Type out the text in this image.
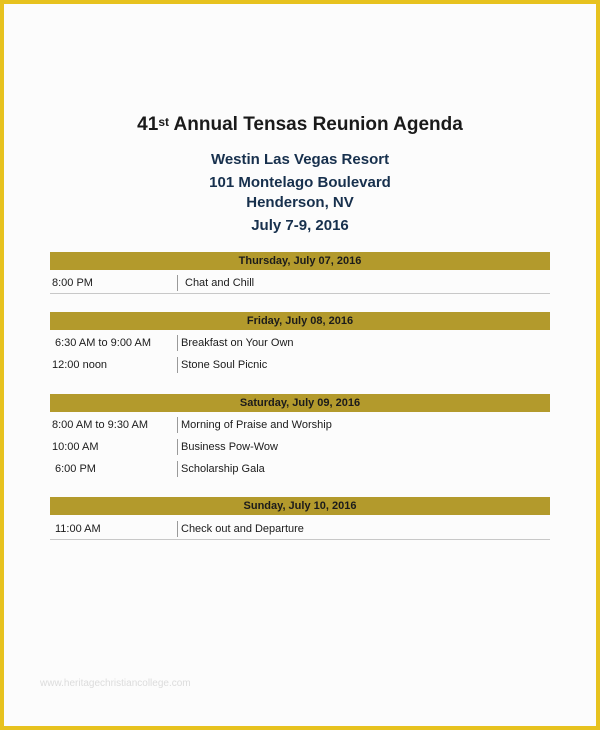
41st Annual Tensas Reunion Agenda
Westin Las Vegas Resort
101 Montelago Boulevard
Henderson, NV
July 7-9, 2016
Thursday, July 07, 2016
8:00 PM	Chat and Chill
Friday, July 08, 2016
6:30 AM to 9:00 AM	Breakfast on Your Own
12:00 noon	Stone Soul Picnic
Saturday, July 09, 2016
8:00 AM to 9:30 AM	Morning of Praise and Worship
10:00 AM	Business Pow-Wow
6:00 PM	Scholarship Gala
Sunday, July 10, 2016
11:00 AM	Check out and Departure
www.heritagechristiancollege.com
